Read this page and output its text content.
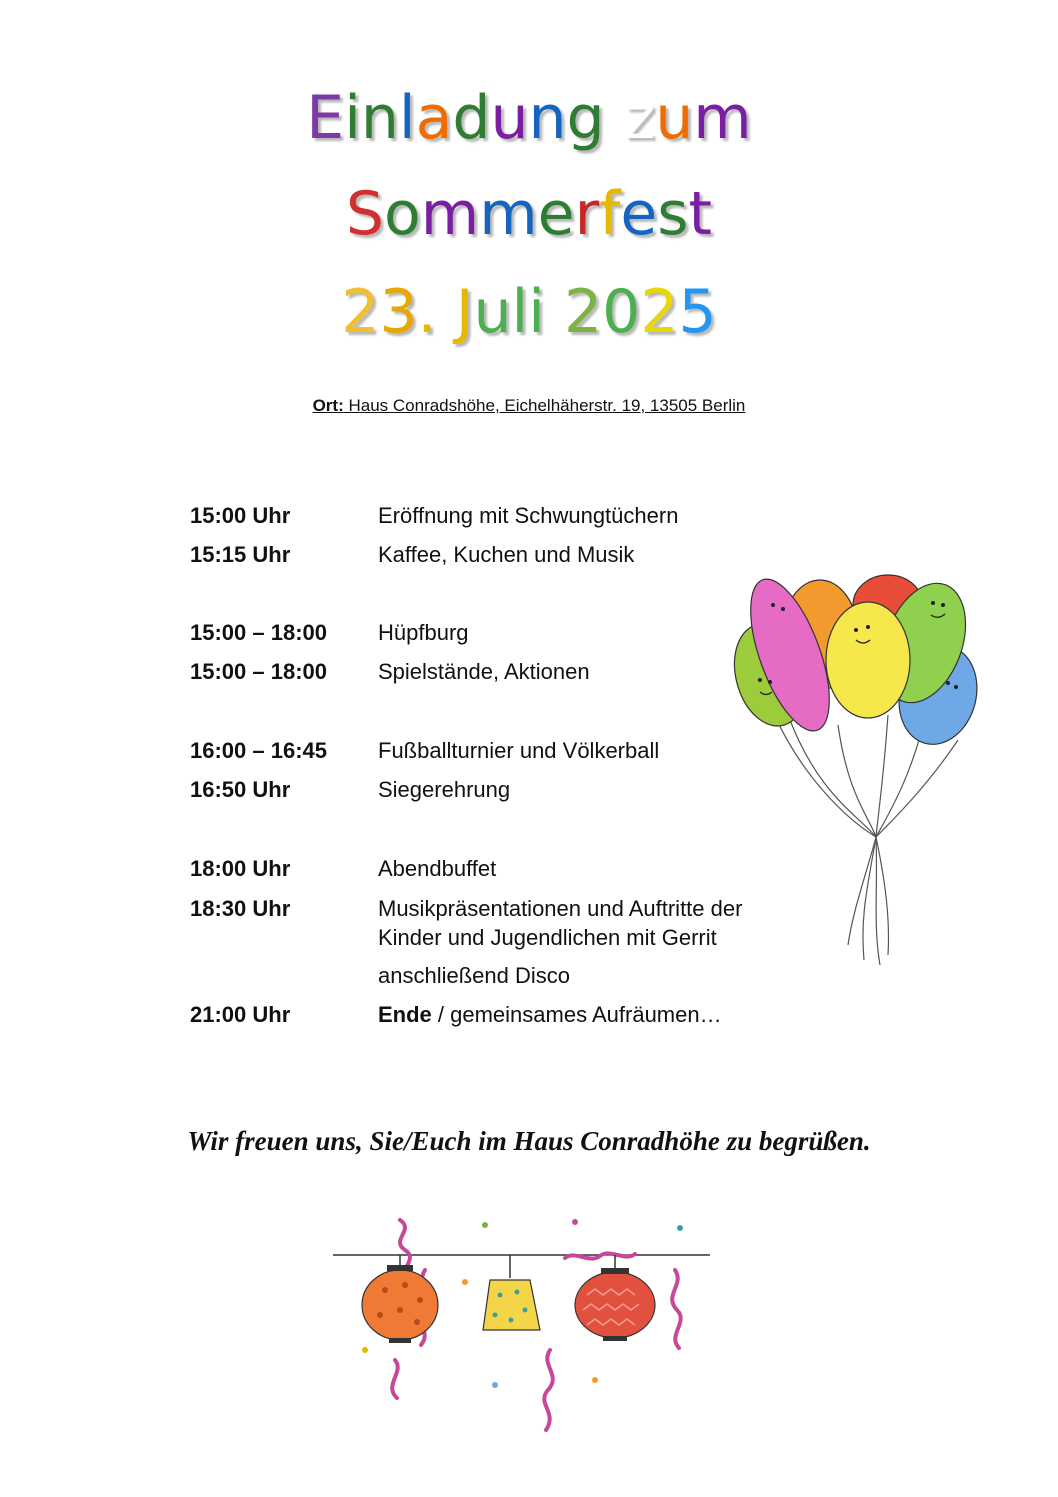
Einladung zum
Sommerfest
23. Juli 2025
Ort: Haus Conradshöhe, Eichelhäherstr. 19, 13505 Berlin
15:00 Uhr	Eröffnung mit Schwungtüchern
15:15 Uhr	Kaffee, Kuchen und Musik
15:00 – 18:00 Hüpfburg
15:00 – 18:00 Spielstände, Aktionen
16:00 – 16:45 Fußballturnier und Völkerball
16:50 Uhr	Siegerehrung
18:00 Uhr	Abendbuffet
18:30 Uhr	Musikpräsentationen und Auftritte der
Kinder und Jugendlichen mit Gerrit
anschließend Disco
21:00 Uhr	Ende / gemeinsames Aufräumen…
Wir freuen uns, Sie/Euch im Haus Conradhöhe zu begrüßen.
